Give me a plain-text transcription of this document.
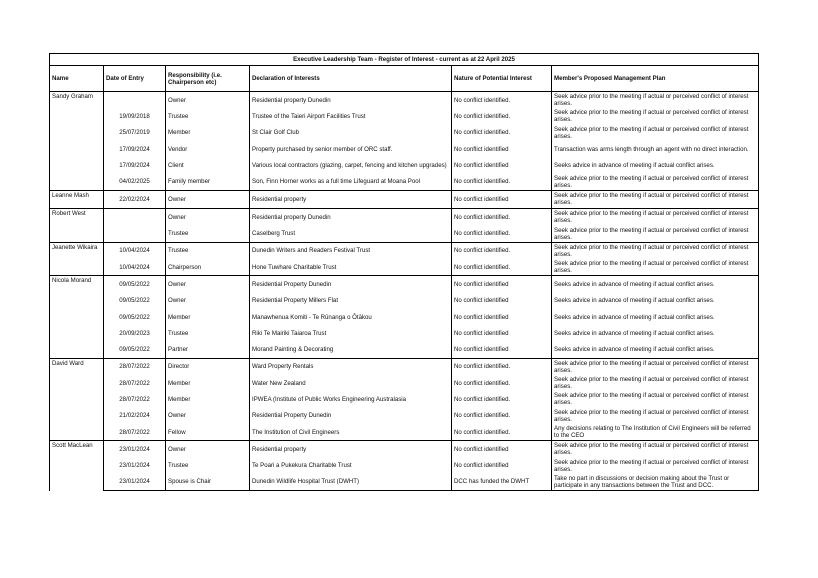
Executive Leadership Team - Register of Interest - current as at 22 April 2025					
Name	Date of Entry	Responsibility (i.e. Chairperson etc)	Declaration of Interests	Nature of Potential Interest	Member's Proposed Management Plan
Sandy Graham		Owner	Residential property Dunedin	No conflict identified.	Seek advice prior to the meeting if actual or perceived conflict of interest arises.
	19/09/2018	Trustee	Trustee of the Taieri Airport Facilities Trust	No conflict identified.	Seek advice prior to the meeting if actual or perceived conflict of interest arises.
	25/07/2019	Member	St Clair Golf Club	No conflict identified.	Seek advice prior to the meeting if actual or perceived conflict of interest arises.
	17/09/2024	Vendor	Property purchased by senior member of ORC staff.	No conflict identified	Transaction was arms length through an agent with no direct interaction.
	17/09/2024	Client	Various local contractors (glazing, carpet, fencing and kitchen upgrades)	No conflict identified	Seeks advice in advance of meeting if actual conflict arises.
	04/02/2025	Family member	Son, Finn Horner works as a full time Lifeguard at Moana Pool	No conflict identified.	Seek advice prior to the meeting if actual or perceived conflict of interest arises.
Leanne Mash	22/02/2024	Owner	Residential property	No conflict identified	Seek advice prior to the meeting if actual or perceived conflict of interest arises.
Robert West		Owner	Residential property Dunedin	No conflict identified.	Seek advice prior to the meeting if actual or perceived conflict of interest arises.
		Trustee	Caselberg Trust	No conflict identified.	Seek advice prior to the meeting if actual or perceived conflict of interest arises.
Jeanette Wikaira	10/04/2024	Trustee	Dunedin Writers and Readers Festival Trust	No conflict identified.	Seek advice prior to the meeting if actual or perceived conflict of interest arises.
	10/04/2024	Chairperson	Hone Tuwhare Charitable Trust	No conflict identified.	Seek advice prior to the meeting if actual or perceived conflict of interest arises.
Nicola Morand	09/05/2022	Owner	Residential Property Dunedin	No conflict identified	Seeks advice in advance of meeting if actual conflict arises.
	09/05/2022	Owner	Residential Property Millers Flat	No conflict identified	Seeks advice in advance of meeting if actual conflict arises.
	09/05/2022	Member	Manawhenua Komiti - Te Rūnanga o Ōtākou	No conflict identified	Seeks advice in advance of meeting if actual conflict arises.
	20/09/2023	Trustee	Riki Te Mairiki Taiaroa Trust	No conflict identified	Seeks advice in advance of meeting if actual conflict arises.
	09/05/2022	Partner	Morand Painting & Decorating	No conflict identified	Seeks advice in advance of meeting if actual conflict arises.
David Ward	28/07/2022	Director	Ward Property Rentals	No conflict identified.	Seek advice prior to the meeting if actual or perceived conflict of interest arises.
	28/07/2022	Member	Water New Zealand	No conflict identified.	Seek advice prior to the meeting if actual or perceived conflict of interest arises.
	28/07/2022	Member	IPWEA (Institute of Public Works Engineering Australasia	No conflict identified.	Seek advice prior to the meeting if actual or perceived conflict of interest arises.
	21/02/2024	Owner	Residential Property Dunedin	No conflict identified.	Seek advice prior to the meeting if actual or perceived conflict of interest arises.
	28/07/2022	Fellow	The Institution of Civil Engineers	No conflict identified.	Any decisions relating to The Institution of Civil Engineers will be referred to the CEO
Scott MacLean	23/01/2024	Owner	Residential property	No conflict identified	Seek advice prior to the meeting if actual or perceived conflict of interest arises.
	23/01/2024	Trustee	Te Poari a Pukekura Charitable Trust	No conflict identified	Seek advice prior to the meeting if actual or perceived conflict of interest arises.
	23/01/2024	Spouse is Chair	Dunedin Wildlife Hospital Trust (DWHT)	DCC has funded the DWHT	Take no part in discussions or decision making about the Trust or participate in any transactions between the Trust and DCC.
